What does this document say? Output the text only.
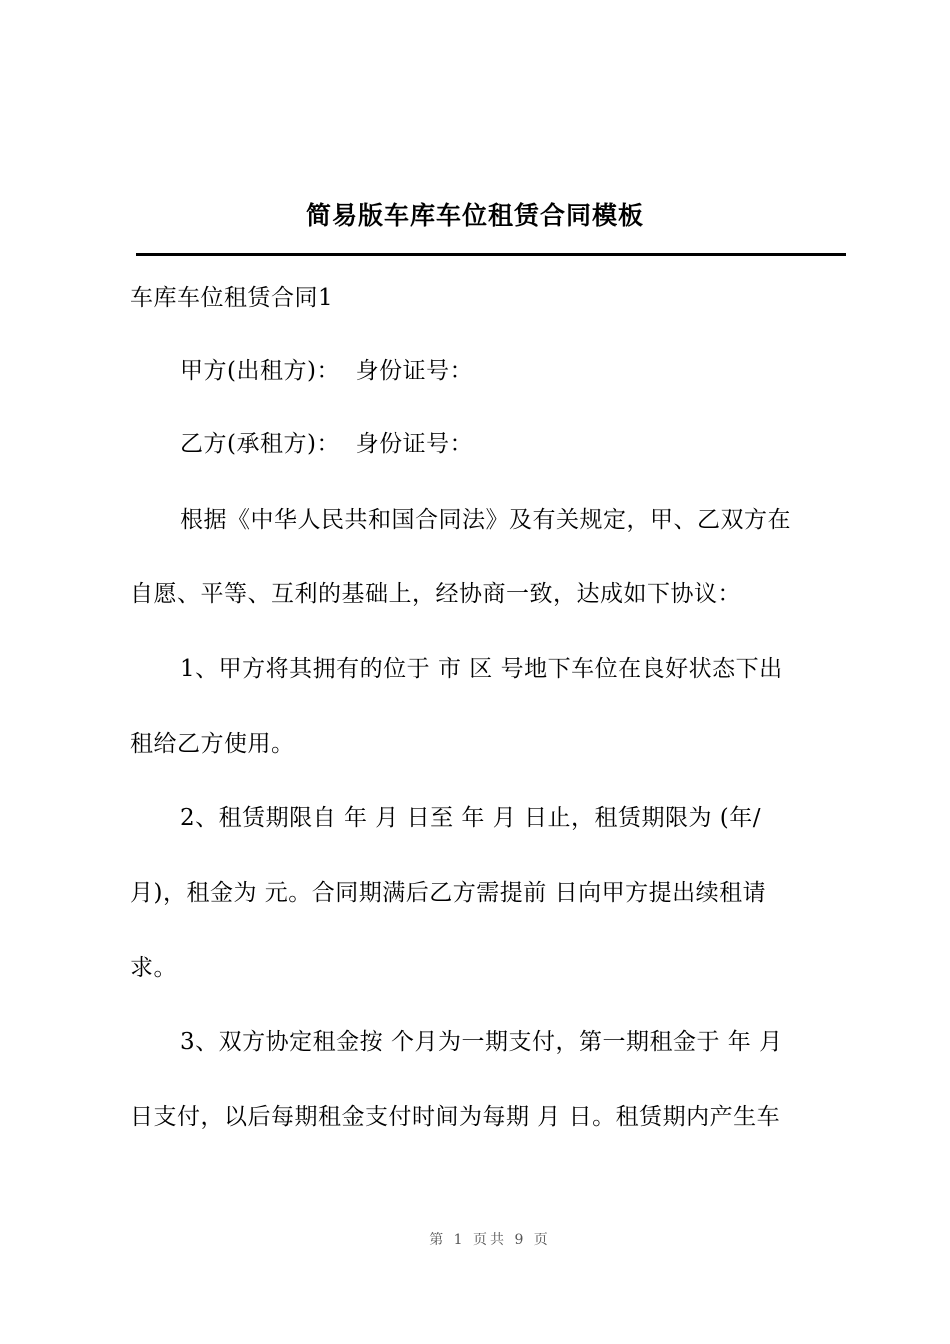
简易版车库车位租赁合同模板
车库车位租赁合同1
甲方(出租方)：  身份证号：
乙方(承租方)：  身份证号：
根据《中华人民共和国合同法》及有关规定，甲、乙双方在
自愿、平等、互利的基础上，经协商一致，达成如下协议：
1、甲方将其拥有的位于 市 区 号地下车位在良好状态下出
租给乙方使用。
2、租赁期限自 年 月 日至 年 月 日止，租赁期限为 (年/
月)，租金为 元。合同期满后乙方需提前 日向甲方提出续租请
求。
3、双方协定租金按 个月为一期支付，第一期租金于 年 月
日支付，以后每期租金支付时间为每期 月 日。租赁期内产生车
第 1 页共 9 页
